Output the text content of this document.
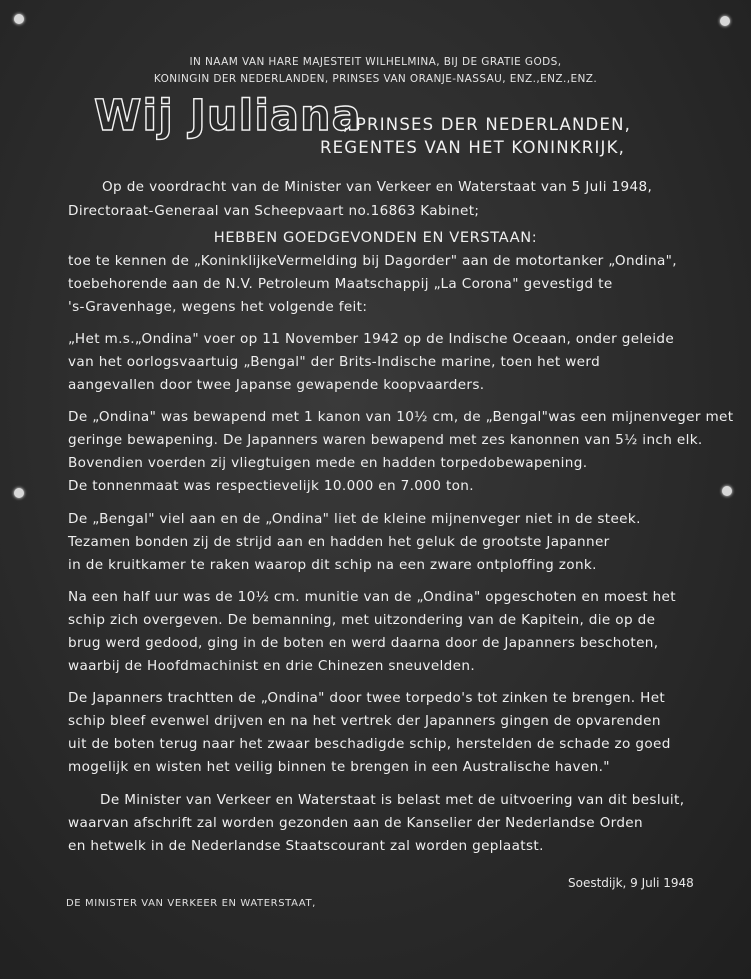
IN NAAM VAN HARE MAJESTEIT WILHELMINA, BIJ DE GRATIE GODS,
KONINGIN DER NEDERLANDEN, PRINSES VAN ORANJE-NASSAU, ENZ.,ENZ.,ENZ.
Wij Juliana
, PRINSES DER NEDERLANDEN,
REGENTES VAN HET KONINKRIJK,
Op de voordracht van de Minister van Verkeer en Waterstaat van 5 Juli 1948,
Directoraat-Generaal van Scheepvaart no.16863 Kabinet;
HEBBEN GOEDGEVONDEN EN VERSTAAN:
toe te kennen de „KoninklijkeVermelding bij Dagorder" aan de motortanker „Ondina",
toebehorende aan de N.V. Petroleum Maatschappij „La Corona" gevestigd te
's-Gravenhage, wegens het volgende feit:
„Het m.s.„Ondina" voer op 11 November 1942 op de Indische Oceaan, onder geleide
van het oorlogsvaartuig „Bengal" der Brits-Indische marine, toen het werd
aangevallen door twee Japanse gewapende koopvaarders.
De „Ondina" was bewapend met 1 kanon van 10½ cm, de „Bengal"was een mijnenveger met
geringe bewapening. De Japanners waren bewapend met zes kanonnen van 5½ inch elk.
Bovendien voerden zij vliegtuigen mede en hadden torpedobewapening.
De tonnenmaat was respectievelijk 10.000 en 7.000 ton.
De „Bengal" viel aan en de „Ondina" liet de kleine mijnenveger niet in de steek.
Tezamen bonden zij de strijd aan en hadden het geluk de grootste Japanner
in de kruitkamer te raken waarop dit schip na een zware ontploffing zonk.
Na een half uur was de 10½ cm. munitie van de „Ondina" opgeschoten en moest het
schip zich overgeven. De bemanning, met uitzondering van de Kapitein, die op de
brug werd gedood, ging in de boten en werd daarna door de Japanners beschoten,
waarbij de Hoofdmachinist en drie Chinezen sneuvelden.
De Japanners trachtten de „Ondina" door twee torpedo's tot zinken te brengen. Het
schip bleef evenwel drijven en na het vertrek der Japanners gingen de opvarenden
uit de boten terug naar het zwaar beschadigde schip, herstelden de schade zo goed
mogelijk en wisten het veilig binnen te brengen in een Australische haven."
De Minister van Verkeer en Waterstaat is belast met de uitvoering van dit besluit,
waarvan afschrift zal worden gezonden aan de Kanselier der Nederlandse Orden
en hetwelk in de Nederlandse Staatscourant zal worden geplaatst.
Soestdijk, 9 Juli 1948
DE MINISTER VAN VERKEER EN WATERSTAAT,
